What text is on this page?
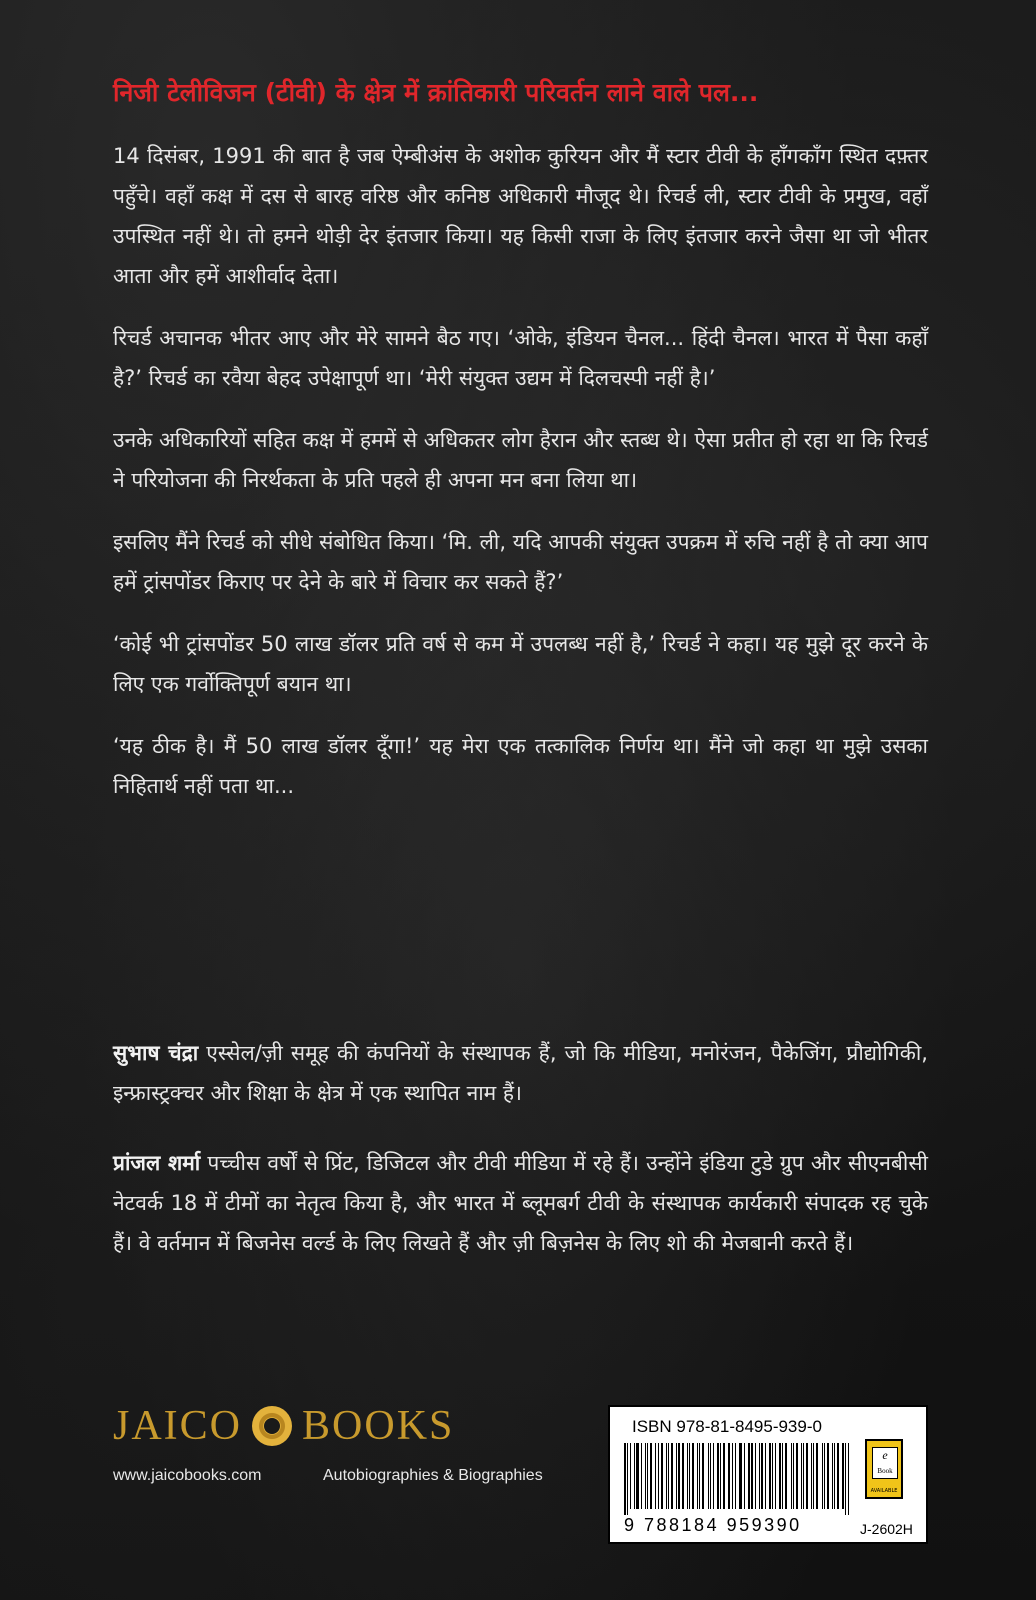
निजी टेलीविजन (टीवी) के क्षेत्र में क्रांतिकारी परिवर्तन लाने वाले पल...

14 दिसंबर, 1991 की बात है जब ऐम्बीअंस के अशोक कुरियन और मैं स्टार टीवी के हाँगकाँग स्थित दफ़्तर पहुँचे। वहाँ कक्ष में दस से बारह वरिष्ठ और कनिष्ठ अधिकारी मौजूद थे। रिचर्ड ली, स्टार टीवी के प्रमुख, वहाँ उपस्थित नहीं थे। तो हमने थोड़ी देर इंतजार किया। यह किसी राजा के लिए इंतजार करने जैसा था जो भीतर आता और हमें आशीर्वाद देता।

रिचर्ड अचानक भीतर आए और मेरे सामने बैठ गए। ‘ओके, इंडियन चैनल... हिंदी चैनल। भारत में पैसा कहाँ है?’ रिचर्ड का रवैया बेहद उपेक्षापूर्ण था। ‘मेरी संयुक्त उद्यम में दिलचस्पी नहीं है।’

उनके अधिकारियों सहित कक्ष में हममें से अधिकतर लोग हैरान और स्तब्ध थे। ऐसा प्रतीत हो रहा था कि रिचर्ड ने परियोजना की निरर्थकता के प्रति पहले ही अपना मन बना लिया था।

इसलिए मैंने रिचर्ड को सीधे संबोधित किया। ‘मि. ली, यदि आपकी संयुक्त उपक्रम में रुचि नहीं है तो क्या आप हमें ट्रांसपोंडर किराए पर देने के बारे में विचार कर सकते हैं?’

‘कोई भी ट्रांसपोंडर 50 लाख डॉलर प्रति वर्ष से कम में उपलब्ध नहीं है,’ रिचर्ड ने कहा। यह मुझे दूर करने के लिए एक गर्वोक्तिपूर्ण बयान था।

‘यह ठीक है। मैं 50 लाख डॉलर दूँगा!’ यह मेरा एक तत्कालिक निर्णय था। मैंने जो कहा था मुझे उसका निहितार्थ नहीं पता था...

सुभाष चंद्रा एस्सेल/ज़ी समूह की कंपनियों के संस्थापक हैं, जो कि मीडिया, मनोरंजन, पैकेजिंग, प्रौद्योगिकी, इन्फ्रास्ट्रक्चर और शिक्षा के क्षेत्र में एक स्थापित नाम हैं।

प्रांजल शर्मा पच्चीस वर्षों से प्रिंट, डिजिटल और टीवी मीडिया में रहे हैं। उन्होंने इंडिया टुडे ग्रुप और सीएनबीसी नेटवर्क 18 में टीमों का नेतृत्व किया है, और भारत में ब्लूमबर्ग टीवी के संस्थापक कार्यकारी संपादक रह चुके हैं। वे वर्तमान में बिजनेस वर्ल्ड के लिए लिखते हैं और ज़ी बिज़नेस के लिए शो की मेजबानी करते हैं।

JAICO BOOKS
www.jaicobooks.com	Autobiographies & Biographies
ISBN 978-81-8495-939-0
9 788184 959390
e
Book
AVAILABLE
J-2602H
